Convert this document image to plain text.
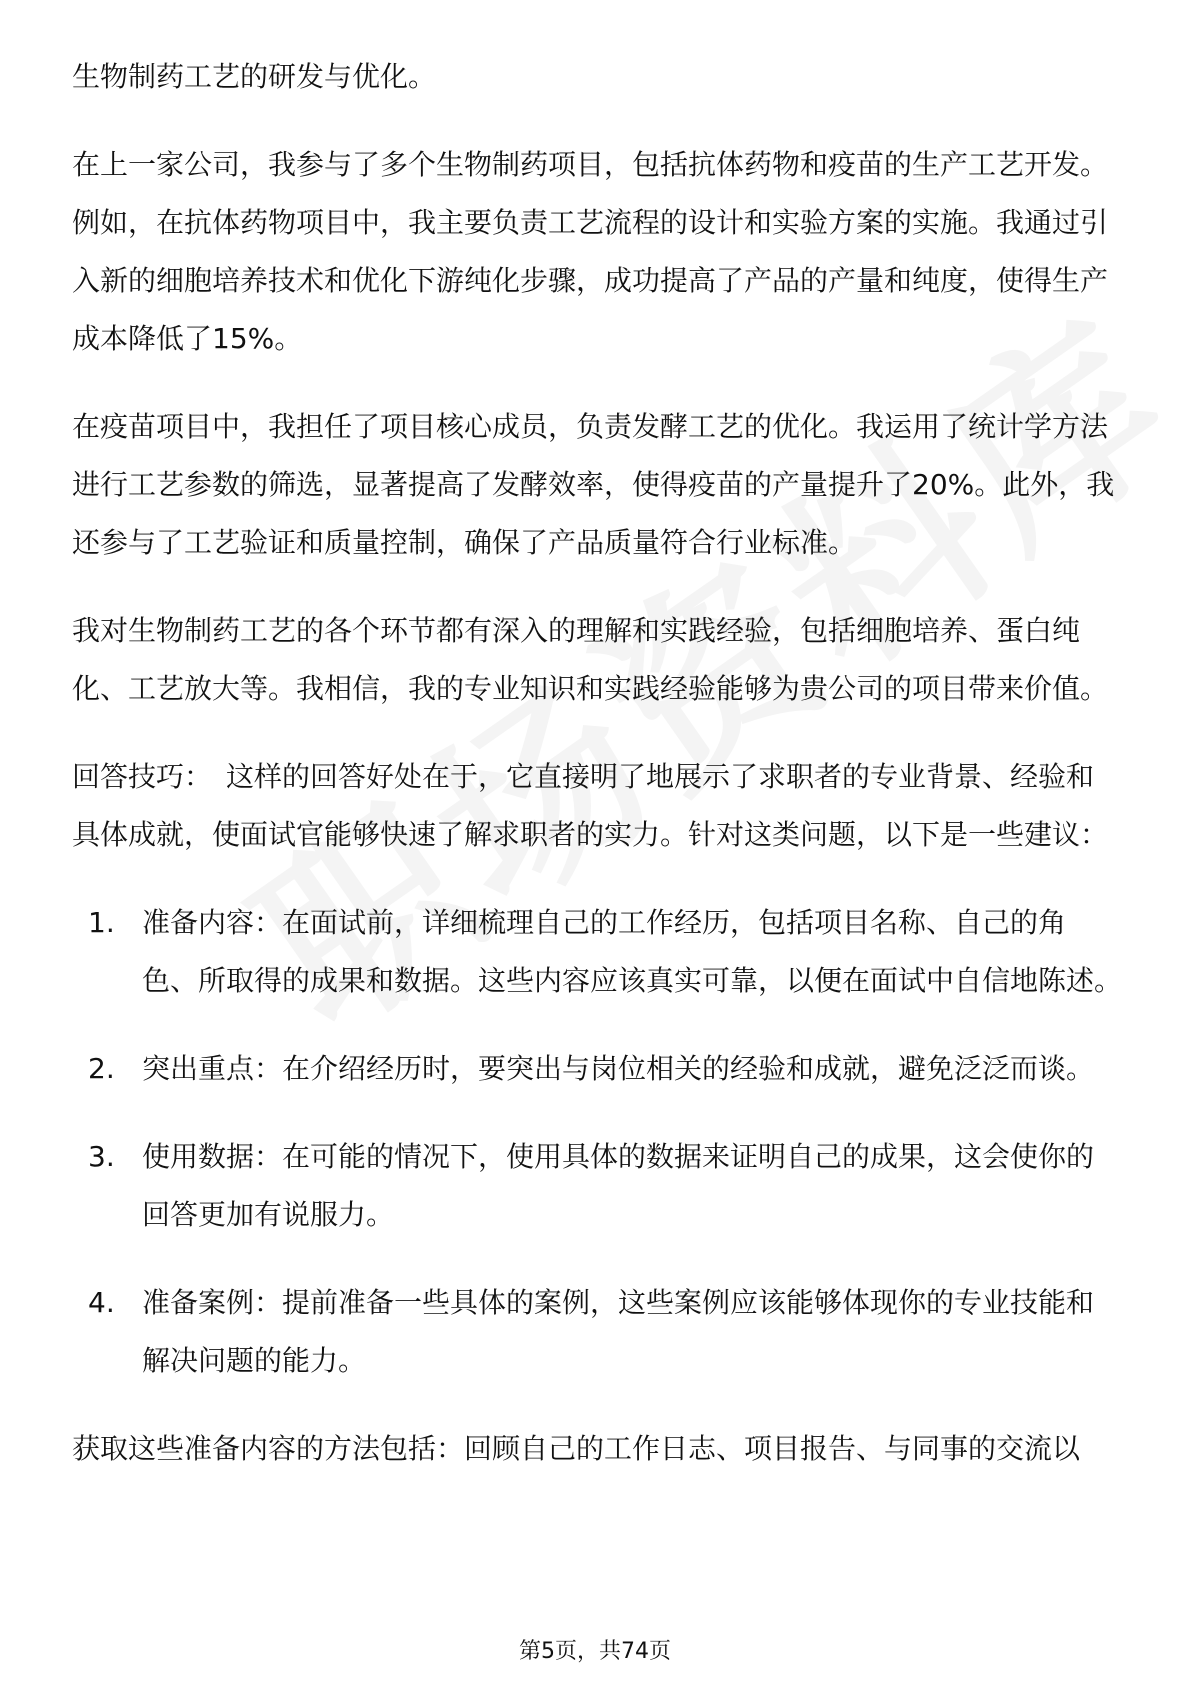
生物制药工艺的研发与优化。

在上一家公司，我参与了多个生物制药项目，包括抗体药物和疫苗的生产工艺开发。例如，在抗体药物项目中，我主要负责工艺流程的设计和实验方案的实施。我通过引入新的细胞培养技术和优化下游纯化步骤，成功提高了产品的产量和纯度，使得生产成本降低了15%。

在疫苗项目中，我担任了项目核心成员，负责发酵工艺的优化。我运用了统计学方法进行工艺参数的筛选，显著提高了发酵效率，使得疫苗的产量提升了20%。此外，我还参与了工艺验证和质量控制，确保了产品质量符合行业标准。

我对生物制药工艺的各个环节都有深入的理解和实践经验，包括细胞培养、蛋白纯化、工艺放大等。我相信，我的专业知识和实践经验能够为贵公司的项目带来价值。

回答技巧： 这样的回答好处在于，它直接明了地展示了求职者的专业背景、经验和具体成就，使面试官能够快速了解求职者的实力。针对这类问题，以下是一些建议：

1. 准备内容：在面试前，详细梳理自己的工作经历，包括项目名称、自己的角色、所取得的成果和数据。这些内容应该真实可靠，以便在面试中自信地陈述。
2. 突出重点：在介绍经历时，要突出与岗位相关的经验和成就，避免泛泛而谈。
3. 使用数据：在可能的情况下，使用具体的数据来证明自己的成果，这会使你的回答更加有说服力。
4. 准备案例：提前准备一些具体的案例，这些案例应该能够体现你的专业技能和解决问题的能力。

获取这些准备内容的方法包括：回顾自己的工作日志、项目报告、与同事的交流以

第5页，共74页
